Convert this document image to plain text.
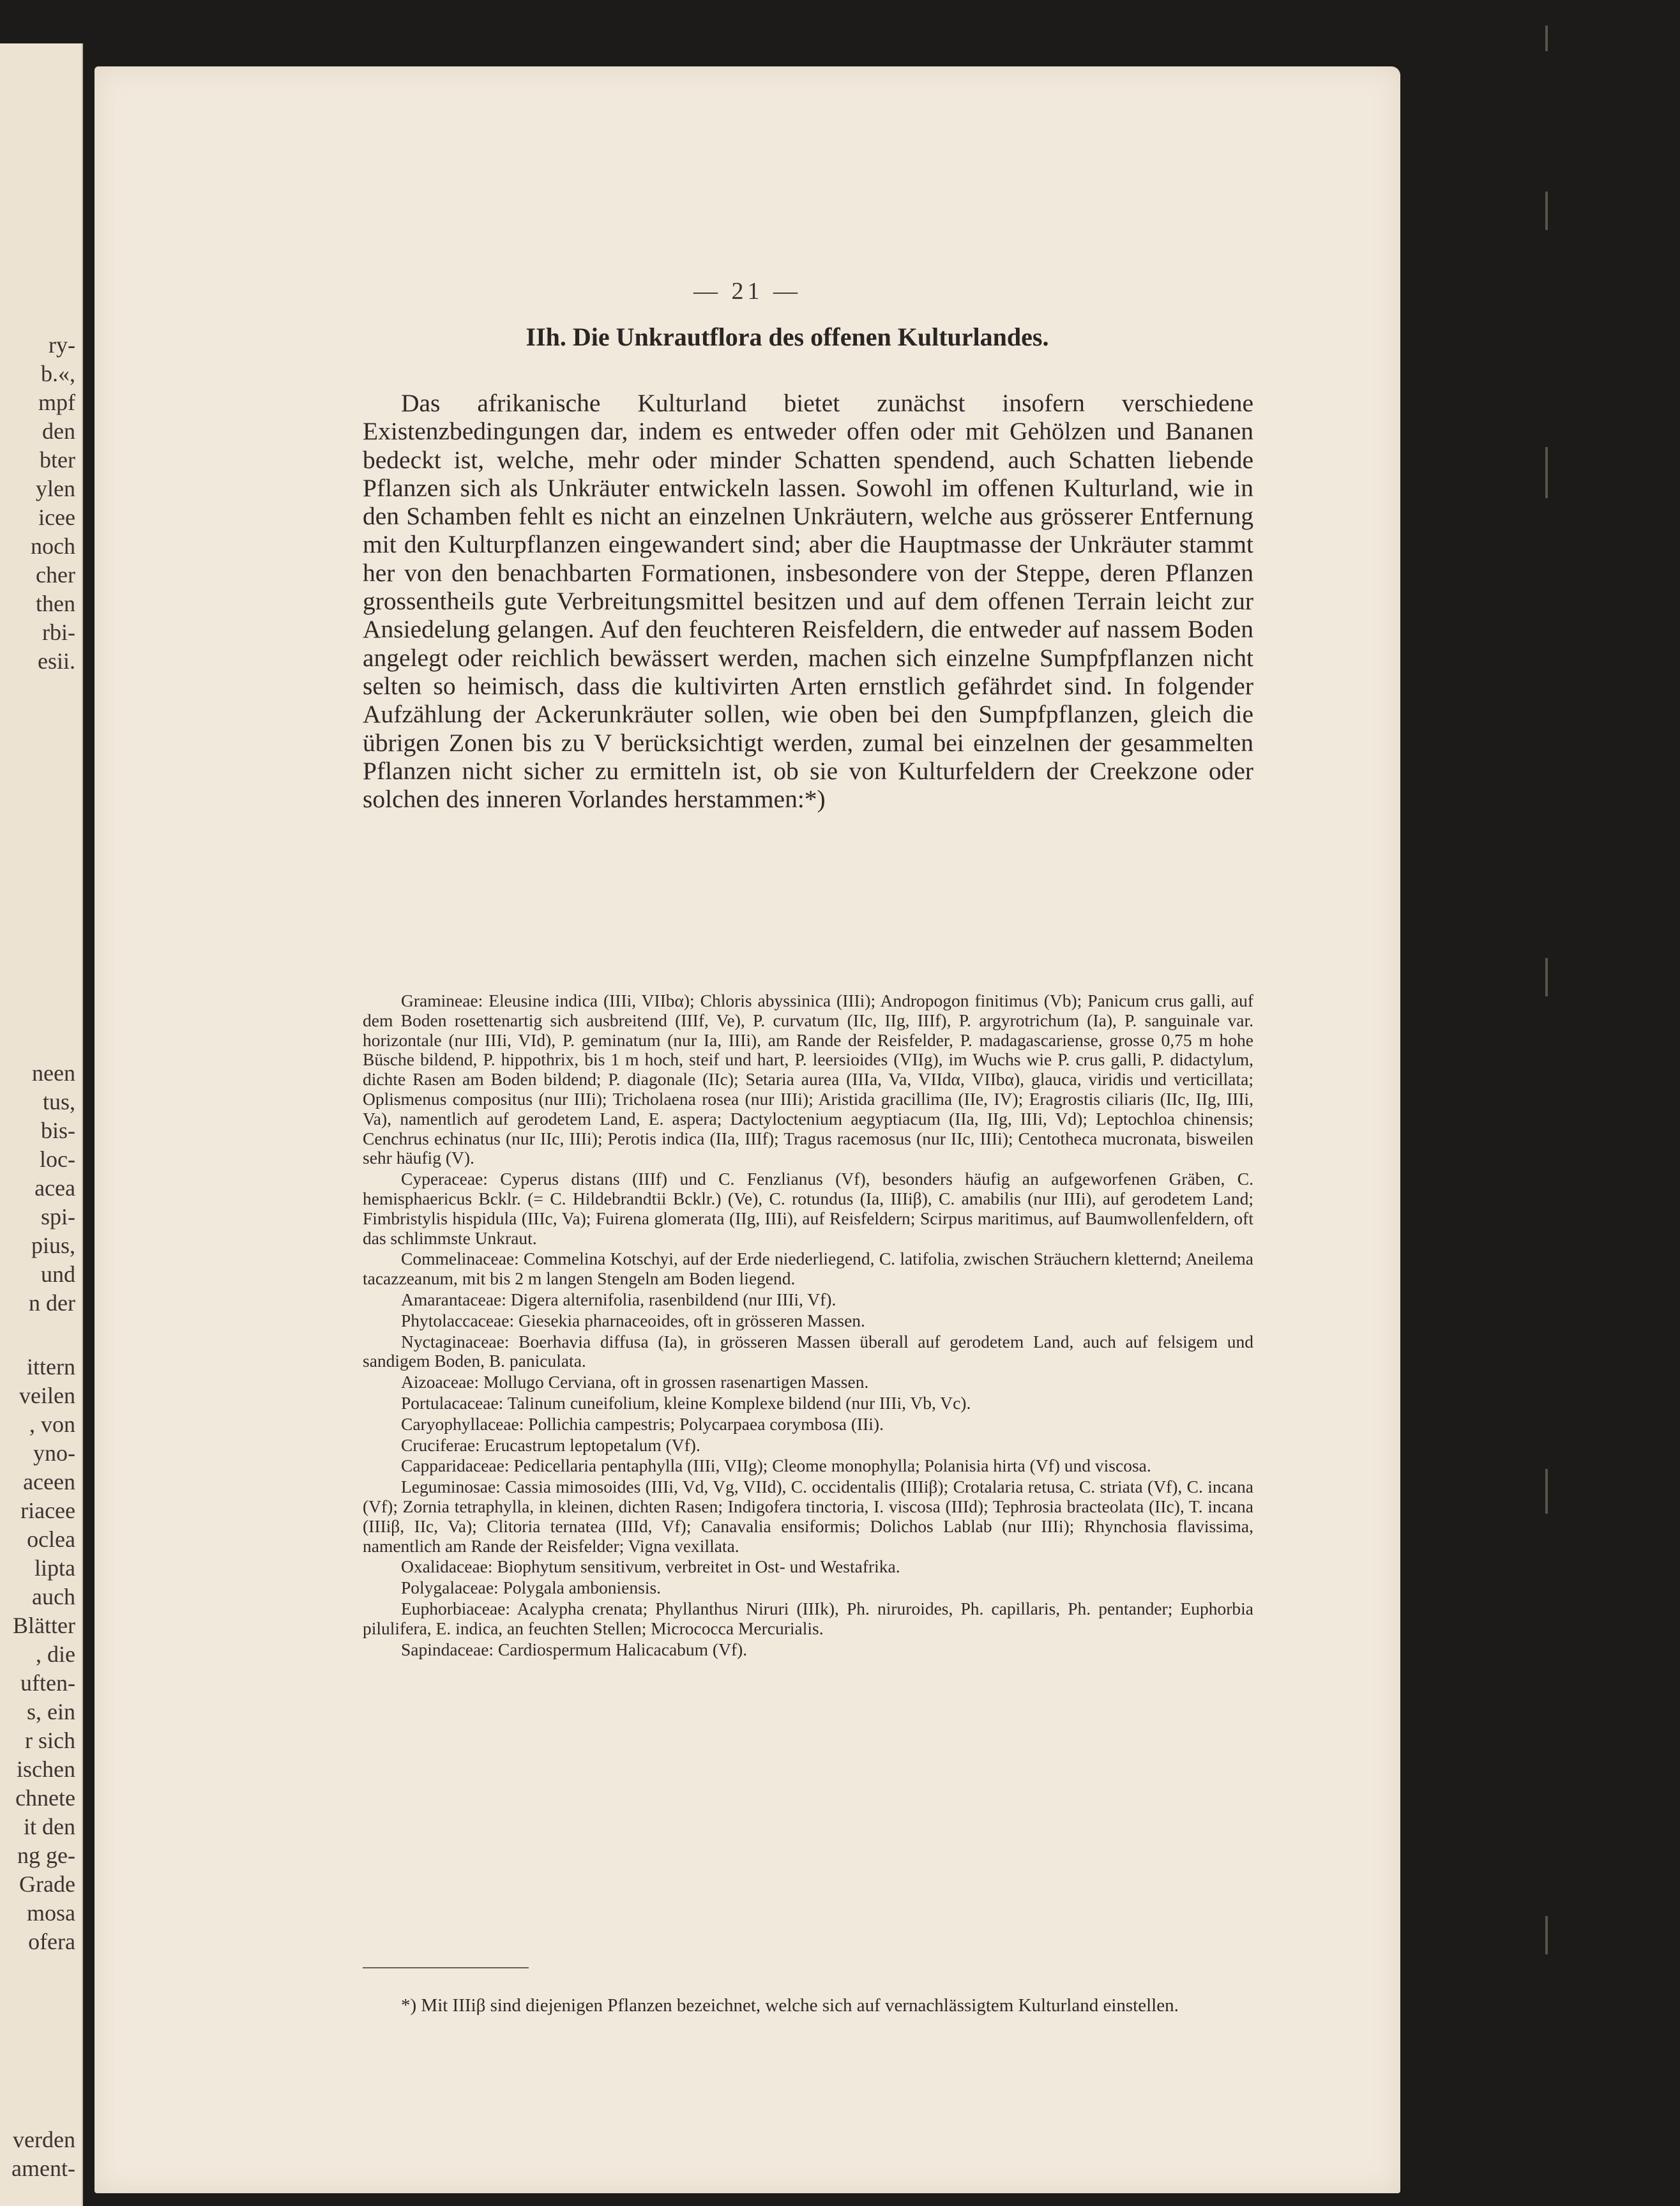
ry-
b.«,
mpf
den
bter
ylen
icee
noch
cher
then
rbi-
esii.
neen
tus,
bis-
loc-
acea
spi-
pius,
und
n der
ittern
veilen
, von
yno-
aceen
riacee
oclea
lipta
auch
Blätter
, die
uften-
s, ein
r sich
ischen
chnete
it den
ng ge-
Grade
mosa
ofera
verden
ament-
— 21 —
IIh. Die Unkrautflora des offenen Kulturlandes.
Das afrikanische Kulturland bietet zunächst insofern verschiedene Existenzbedingungen dar, indem es entweder offen oder mit Gehölzen und Bananen bedeckt ist, welche, mehr oder minder Schatten spendend, auch Schatten liebende Pflanzen sich als Unkräuter entwickeln lassen. Sowohl im offenen Kulturland, wie in den Schamben fehlt es nicht an einzelnen Unkräutern, welche aus grösserer Entfernung mit den Kulturpflanzen eingewandert sind; aber die Hauptmasse der Unkräuter stammt her von den benachbarten Formationen, insbesondere von der Steppe, deren Pflanzen grossentheils gute Verbreitungsmittel besitzen und auf dem offenen Terrain leicht zur Ansiedelung gelangen. Auf den feuchteren Reisfeldern, die entweder auf nassem Boden angelegt oder reichlich bewässert werden, machen sich einzelne Sumpfpflanzen nicht selten so heimisch, dass die kultivirten Arten ernstlich gefährdet sind. In folgender Aufzählung der Ackerunkräuter sollen, wie oben bei den Sumpfpflanzen, gleich die übrigen Zonen bis zu V berücksichtigt werden, zumal bei einzelnen der gesammelten Pflanzen nicht sicher zu ermitteln ist, ob sie von Kulturfeldern der Creekzone oder solchen des inneren Vorlandes herstammen:*)

Gramineae: Eleusine indica (IIIi, VIIbα); Chloris abyssinica (IIIi); Andropogon finitimus (Vb); Panicum crus galli, auf dem Boden rosettenartig sich ausbreitend (IIIf, Ve), P. curvatum (IIc, IIg, IIIf), P. argyrotrichum (Ia), P. sanguinale var. horizontale (nur IIIi, VId), P. geminatum (nur Ia, IIIi), am Rande der Reisfelder, P. madagascariense, grosse 0,75 m hohe Büsche bildend, P. hippothrix, bis 1 m hoch, steif und hart, P. leersioides (VIIg), im Wuchs wie P. crus galli, P. didactylum, dichte Rasen am Boden bildend; P. diagonale (IIc); Setaria aurea (IIIa, Va, VIIdα, VIIbα), glauca, viridis und verticillata; Oplismenus compositus (nur IIIi); Tricholaena rosea (nur IIIi); Aristida gracillima (IIe, IV); Eragrostis ciliaris (IIc, IIg, IIIi, Va), namentlich auf gerodetem Land, E. aspera; Dactyloctenium aegyptiacum (IIa, IIg, IIIi, Vd); Leptochloa chinensis; Cenchrus echinatus (nur IIc, IIIi); Perotis indica (IIa, IIIf); Tragus racemosus (nur IIc, IIIi); Centotheca mucronata, bisweilen sehr häufig (V).

Cyperaceae: Cyperus distans (IIIf) und C. Fenzlianus (Vf), besonders häufig an aufgeworfenen Gräben, C. hemisphaericus Bcklr. (= C. Hildebrandtii Bcklr.) (Ve), C. rotundus (Ia, IIIiβ), C. amabilis (nur IIIi), auf gerodetem Land; Fimbristylis hispidula (IIIc, Va); Fuirena glomerata (IIg, IIIi), auf Reisfeldern; Scirpus maritimus, auf Baumwollenfeldern, oft das schlimmste Unkraut.

Commelinaceae: Commelina Kotschyi, auf der Erde niederliegend, C. latifolia, zwischen Sträuchern kletternd; Aneilema tacazzeanum, mit bis 2 m langen Stengeln am Boden liegend.

Amarantaceae: Digera alternifolia, rasenbildend (nur IIIi, Vf).

Phytolaccaceae: Giesekia pharnaceoides, oft in grösseren Massen.

Nyctaginaceae: Boerhavia diffusa (Ia), in grösseren Massen überall auf gerodetem Land, auch auf felsigem und sandigem Boden, B. paniculata.

Aizoaceae: Mollugo Cerviana, oft in grossen rasenartigen Massen.

Portulacaceae: Talinum cuneifolium, kleine Komplexe bildend (nur IIIi, Vb, Vc).

Caryophyllaceae: Pollichia campestris; Polycarpaea corymbosa (IIi).

Cruciferae: Erucastrum leptopetalum (Vf).

Capparidaceae: Pedicellaria pentaphylla (IIIi, VIIg); Cleome monophylla; Polanisia hirta (Vf) und viscosa.

Leguminosae: Cassia mimosoides (IIIi, Vd, Vg, VIId), C. occidentalis (IIIiβ); Crotalaria retusa, C. striata (Vf), C. incana (Vf); Zornia tetraphylla, in kleinen, dichten Rasen; Indigofera tinctoria, I. viscosa (IIId); Tephrosia bracteolata (IIc), T. incana (IIIiβ, IIc, Va); Clitoria ternatea (IIId, Vf); Canavalia ensiformis; Dolichos Lablab (nur IIIi); Rhynchosia flavissima, namentlich am Rande der Reisfelder; Vigna vexillata.

Oxalidaceae: Biophytum sensitivum, verbreitet in Ost- und Westafrika.

Polygalaceae: Polygala amboniensis.

Euphorbiaceae: Acalypha crenata; Phyllanthus Niruri (IIIk), Ph. niruroides, Ph. capillaris, Ph. pentander; Euphorbia pilulifera, E. indica, an feuchten Stellen; Micrococca Mercurialis.

Sapindaceae: Cardiospermum Halicacabum (Vf).

*) Mit IIIiβ sind diejenigen Pflanzen bezeichnet, welche sich auf vernachlässigtem Kulturland einstellen.
